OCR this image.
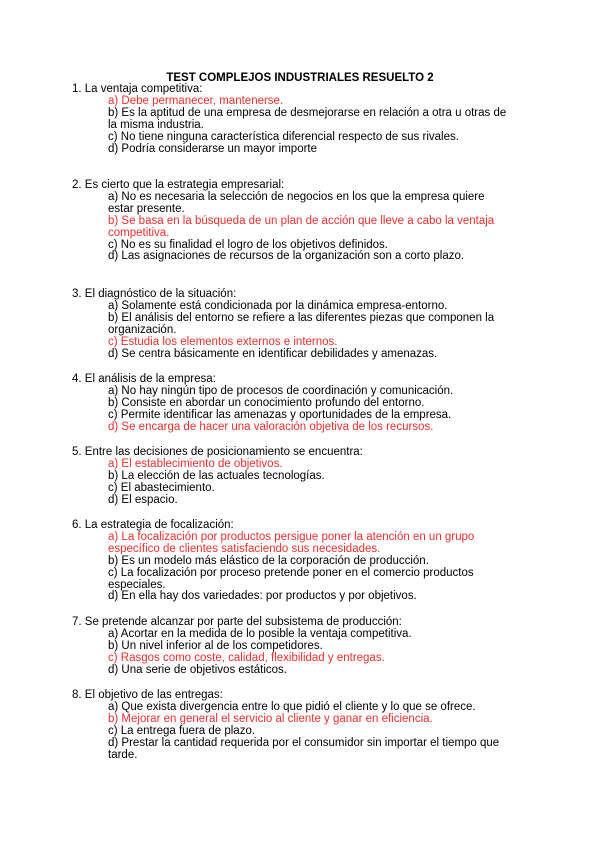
TEST COMPLEJOS INDUSTRIALES RESUELTO 2
1. La ventaja competitiva:
a) Debe permanecer, mantenerse.
b) Es la aptitud de una empresa de desmejorarse en relación a otra u otras de la misma industria.
c) No tiene ninguna característica diferencial respecto de sus rivales.
d) Podría considerarse un mayor importe
2. Es cierto que la estrategia empresarial:
a) No es necesaria la selección de negocios en los que la empresa quiere estar presente.
b) Se basa en la búsqueda de un plan de acción que lleve a cabo la ventaja competitiva.
c) No es su finalidad el logro de los objetivos definidos.
d) Las asignaciones de recursos de la organización son a corto plazo.
3. El diagnóstico de la situación:
a) Solamente está condicionada por la dinámica empresa-entorno.
b) El análisis del entorno se refiere a las diferentes piezas que componen la organización.
c) Estudia los elementos externos e internos.
d) Se centra básicamente en identificar debilidades y amenazas.
4. El análisis de la empresa:
a) No hay ningún tipo de procesos de coordinación y comunicación.
b) Consiste en abordar un conocimiento profundo del entorno.
c) Permite identificar las amenazas y oportunidades de la empresa.
d) Se encarga de hacer una valoración objetiva de los recursos.
5. Entre las decisiones de posicionamiento se encuentra:
a) El establecimiento de objetivos.
b) La elección de las actuales tecnologías.
c) El abastecimiento.
d) El espacio.
6. La estrategia de focalización:
a) La focalización por productos persigue poner la atención en un grupo específico de clientes satisfaciendo sus necesidades.
b) Es un modelo más elástico de la corporación de producción.
c) La focalización por proceso pretende poner en el comercio productos especiales.
d) En ella hay dos variedades: por productos y por objetivos.
7. Se pretende alcanzar por parte del subsistema de producción:
a) Acortar en la medida de lo posible la ventaja competitiva.
b) Un nivel inferior al de los competidores.
c) Rasgos como coste, calidad, flexibilidad y entregas.
d) Una serie de objetivos estáticos.
8. El objetivo de las entregas:
a) Que exista divergencia entre lo que pidió el cliente y lo que se ofrece.
b) Mejorar en general el servicio al cliente y ganar en eficiencia.
c) La entrega fuera de plazo.
d) Prestar la cantidad requerida por el consumidor sin importar el tiempo que tarde.
